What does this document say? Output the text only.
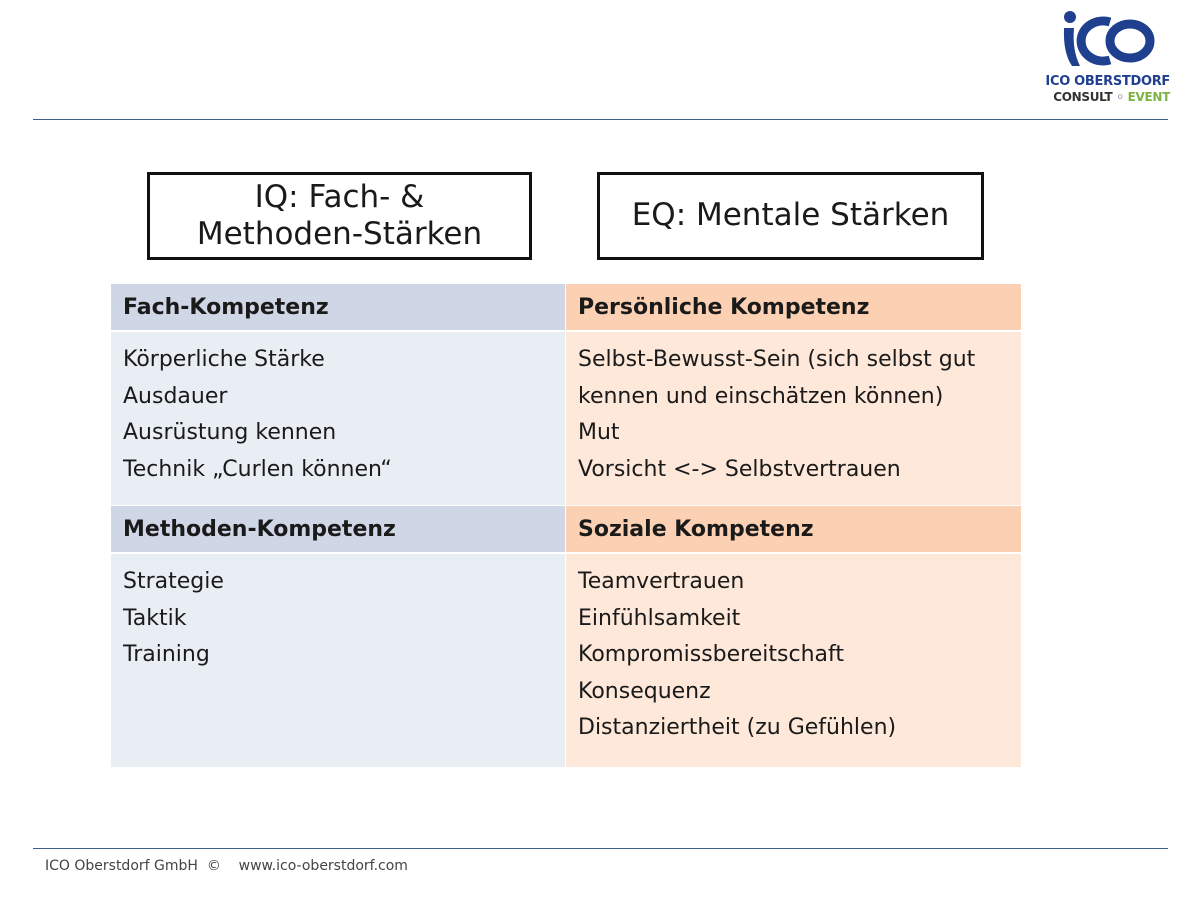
ICO OBERSTDORF
CONSULT ◦ EVENT
IQ: Fach- &
Methoden-Stärken
EQ: Mentale Stärken
Fach-Kompetenz	Persönliche Kompetenz
Körperliche Stärke
Ausdauer
Ausrüstung kennen
Technik „Curlen können“
Selbst-Bewusst-Sein (sich selbst gut
kennen und einschätzen können)
Mut
Vorsicht <-> Selbstvertrauen
Methoden-Kompetenz	Soziale Kompetenz
Strategie
Taktik
Training
Teamvertrauen
Einfühlsamkeit
Kompromissbereitschaft
Konsequenz
Distanziertheit (zu Gefühlen)
ICO Oberstdorf GmbH  ©    www.ico-oberstdorf.com
